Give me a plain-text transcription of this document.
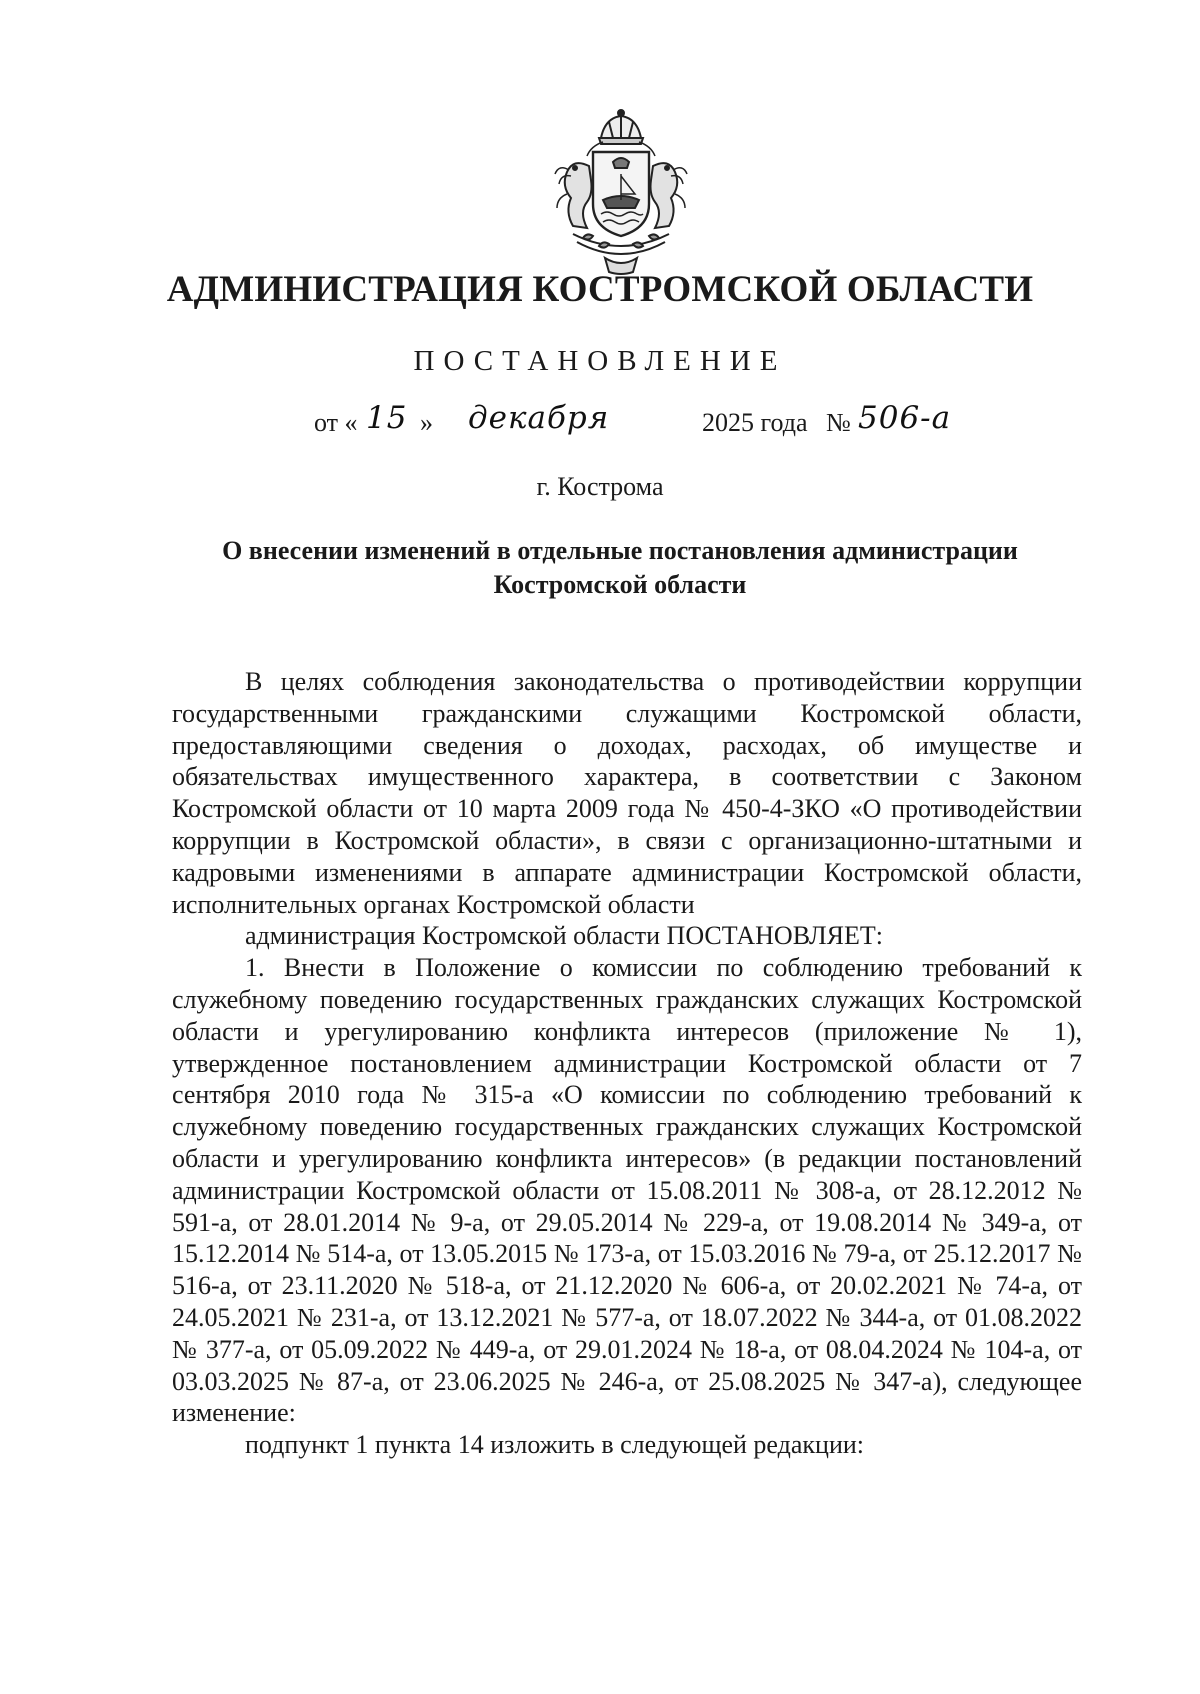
АДМИНИСТРАЦИЯ КОСТРОМСКОЙ ОБЛАСТИ
ПОСТАНОВЛЕНИЕ
от « 15 » декабря	2025 года № 506-а
г. Кострома
О внесении изменений в отдельные постановления администрации Костромской области

В целях соблюдения законодательства о противодействии коррупции государственными гражданскими служащими Костромской области, предоставляющими сведения о доходах, расходах, об имуществе и обязательствах имущественного характера, в соответствии с Законом Костромской области от 10 марта 2009 года № 450-4-ЗКО «О противодействии коррупции в Костромской области», в связи с организационно-штатными и кадровыми изменениями в аппарате администрации Костромской области, исполнительных органах Костромской области

администрация Костромской области ПОСТАНОВЛЯЕТ:

1. Внести в Положение о комиссии по соблюдению требований к служебному поведению государственных гражданских служащих Костромской области и урегулированию конфликта интересов (приложение № 1), утвержденное постановлением администрации Костромской области от 7 сентября 2010 года № 315-а «О комиссии по соблюдению требований к служебному поведению государственных гражданских служащих Костромской области и урегулированию конфликта интересов» (в редакции постановлений администрации Костромской области от 15.08.2011 № 308-а, от 28.12.2012 № 591-а, от 28.01.2014 № 9-а, от 29.05.2014 № 229-а, от 19.08.2014 № 349-а, от 15.12.2014 № 514-а, от 13.05.2015 № 173-а, от 15.03.2016 № 79-а, от 25.12.2017 № 516-а, от 23.11.2020 № 518-а, от 21.12.2020 № 606-а, от 20.02.2021 № 74-а, от 24.05.2021 № 231-а, от 13.12.2021 № 577-а, от 18.07.2022 № 344-а, от 01.08.2022 № 377-а, от 05.09.2022 № 449-а, от 29.01.2024 № 18-а, от 08.04.2024 № 104-а, от 03.03.2025 № 87-а, от 23.06.2025 № 246-а, от 25.08.2025 № 347-а), следующее изменение:

подпункт 1 пункта 14 изложить в следующей редакции:
